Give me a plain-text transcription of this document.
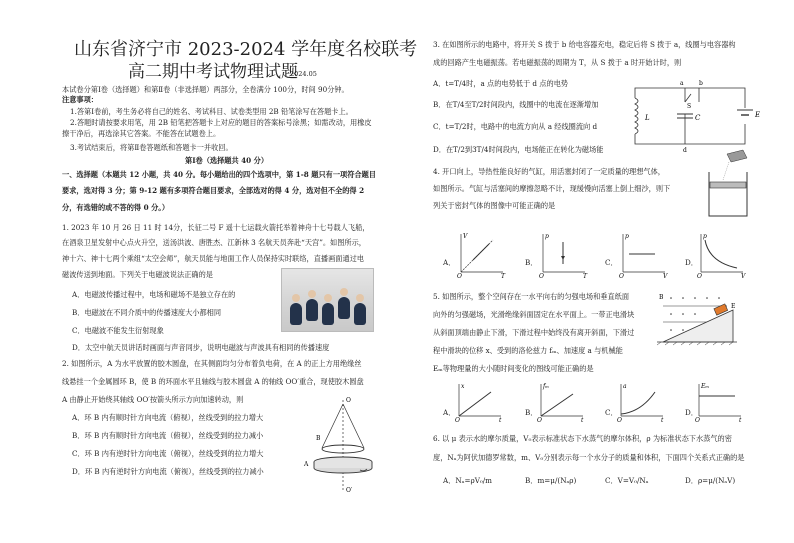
山东省济宁市 2023-2024 学年度名校联考
高二期中考试物理试题
2024.05
本试卷分第Ⅰ卷（选择题）和第Ⅱ卷（非选择题）两部分，全卷满分 100分，时间 90分钟。
注意事项：
1.答第Ⅰ卷前，考生务必将自己的姓名、考试科目、试卷类型用 2B 铅笔涂写在答题卡上。
2.答题时请按要求用笔，用 2B 铅笔把答题卡上对应的题目的答案标号涂黑；如需改动，用橡皮
擦干净后，再选涂其它答案。不能答在试题卷上。
3.考试结束后，将第Ⅱ卷答题纸和答题卡一并收回。
第Ⅰ卷（选择题共 40 分）
一、选择题（本题共 12 小题，共 40 分。每小题给出的四个选项中，第 1-8 题只有一项符合题目
要求，选对得 3 分；第 9-12 题有多项符合题目要求，全部选对的得 4 分，选对但不全的得 2
分，有选错的或不答的得 0 分。）
1. 2023 年 10 月 26 日 11 时 14分，长征二号 F 遥十七运载火箭托举着神舟十七号载人飞船，
在酒泉卫星发射中心点火升空，送汤洪波、唐胜杰、江新林 3 名航天员奔赴“天宫”。如图所示，
神十六、神十七两个乘组“太空会师”，航天员能与地面工作人员保持实时联络，直播画面通过电
磁波传送到地面。下列关于电磁波说法正确的是
A．电磁波传播过程中，电场和磁场不是独立存在的
B．电磁波在不同介质中的传播速度大小都相同
C．电磁波不能发生衍射现象
D．太空中航天员讲话时画面与声音同步，说明电磁波与声波具有相同的传播速度
2. 如图所示，A 为水平放置的胶木圆盘，在其侧面均匀分布着负电荷，在 A 的正上方用绝缘丝
线悬挂一个金属圆环 B，使 B 的环面水平且轴线与胶木圆盘 A 的轴线 OO′重合，现使胶木圆盘
A 由静止开始绕其轴线 OO′按箭头所示方向加速转动，则
A．环 B 内有顺时针方向电流（俯视），丝线受到的拉力增大
B．环 B 内有顺时针方向电流（俯视），丝线受到的拉力减小
C．环 B 内有逆时针方向电流（俯视），丝线受到的拉力增大
D．环 B 内有逆时针方向电流（俯视），丝线受到的拉力减小
O
B
A
O′
3. 在如图所示的电路中，将开关 S 拨于 b 给电容器充电，稳定后将 S 拨于 a，线圈与电容器构
成的回路产生电磁振荡。若电磁振荡的周期为 T，从 S 拨于 a 时开始计时，则
A．t=T/4时，a 点的电势低于 d 点的电势
B．在T/4至T/2时间段内，线圈中的电流在逐渐增加
C．t=T/2时，电路中的电流方向从 a 经线圈流向 d
D．在T/2到3T/4时间段内，电场能正在转化为磁场能
a	b
S
L	C	E
d
4. 开口向上，导热性能良好的气缸，用活塞封闭了一定质量的理想气体，
如图所示。气缸与活塞间的摩擦忽略不计，现缓慢向活塞上倒上细沙，则下
列关于密封气体的图像中可能正确的是
A．	B．	C．	D．
V
T
O
p
T
O
p
V
O
p
V
O
5. 如图所示，整个空间存在一水平向右的匀强电场和垂直纸面
向外的匀强磁场，光滑绝缘斜面固定在水平面上。一带正电滑块
从斜面顶端由静止下滑，下滑过程中始终没有离开斜面，下滑过
程中滑块的位移 x、受到的洛伦兹力 fₘ、加速度 a 与机械能
Eₘ等物理量的大小随时间变化的图线可能正确的是
B
E
A．	B．	C．	D．
x
t
O
fₘ
t
O
a
t
O
Eₘ
t
O
6. 以 μ 表示水的摩尔质量，V₀表示标准状态下水蒸气的摩尔体积，ρ 为标准状态下水蒸气的密
度，Nₐ为阿伏加德罗常数，m、V₀分别表示每一个水分子的质量和体积，下面四个关系式正确的是
A．Nₐ=ρV₀/m	B．m=μ/(Nₐρ)	C．V=V₀/Nₐ	D．ρ=μ/(NₐV)
